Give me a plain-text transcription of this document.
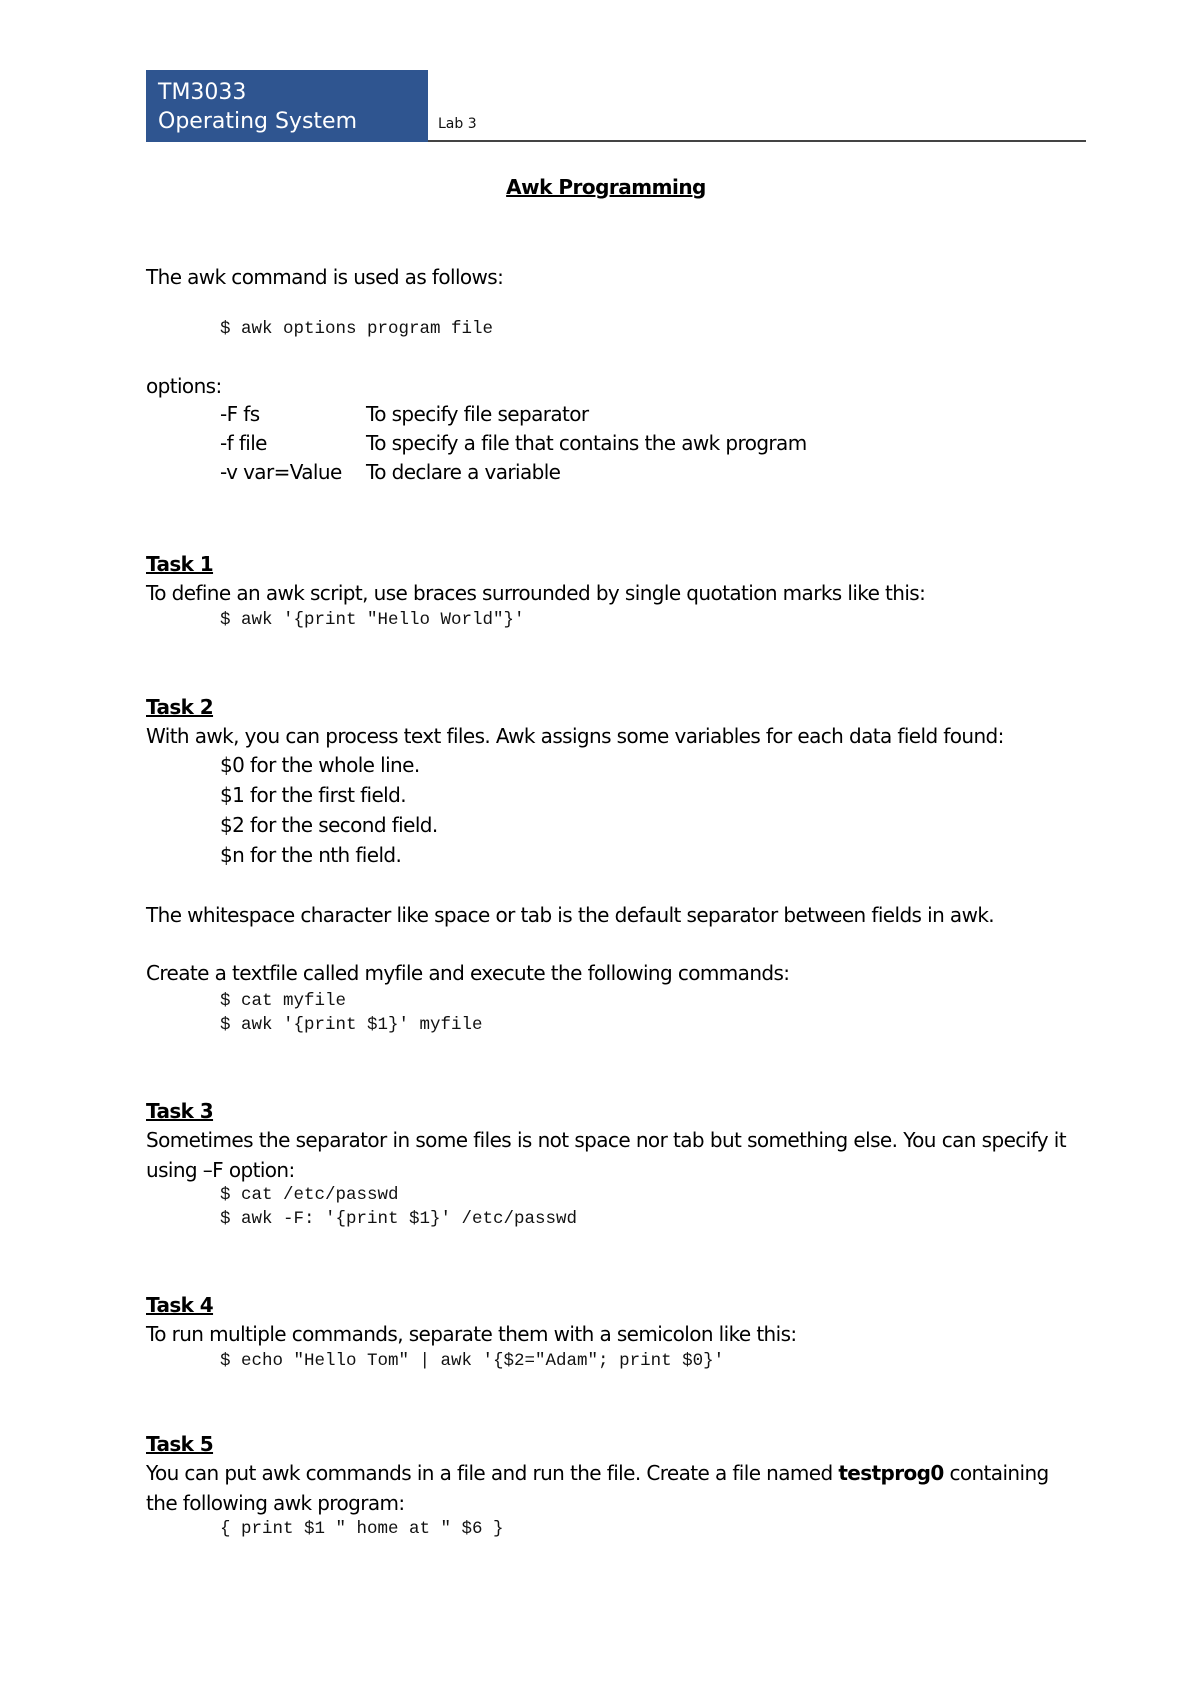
TM3033
Operating System	Lab 3
Awk Programming
The awk command is used as follows:
$ awk options program file
options:
-F fs	To specify file separator
-f file	To specify a file that contains the awk program
-v var=Value To declare a variable
Task 1
To define an awk script, use braces surrounded by single quotation marks like this:
$ awk '{print "Hello World"}'
Task 2
With awk, you can process text files. Awk assigns some variables for each data field found:
$0 for the whole line.
$1 for the first field.
$2 for the second field.
$n for the nth field.
The whitespace character like space or tab is the default separator between fields in awk.
Create a textfile called myfile and execute the following commands:
$ cat myfile
$ awk '{print $1}' myfile
Task 3
Sometimes the separator in some files is not space nor tab but something else. You can specify it using –F option:
$ cat /etc/passwd
$ awk -F: '{print $1}' /etc/passwd
Task 4
To run multiple commands, separate them with a semicolon like this:
$ echo "Hello Tom" | awk '{$2="Adam"; print $0}'
Task 5
You can put awk commands in a file and run the file. Create a file named testprog0 containing the following awk program:
{ print $1 " home at " $6 }
